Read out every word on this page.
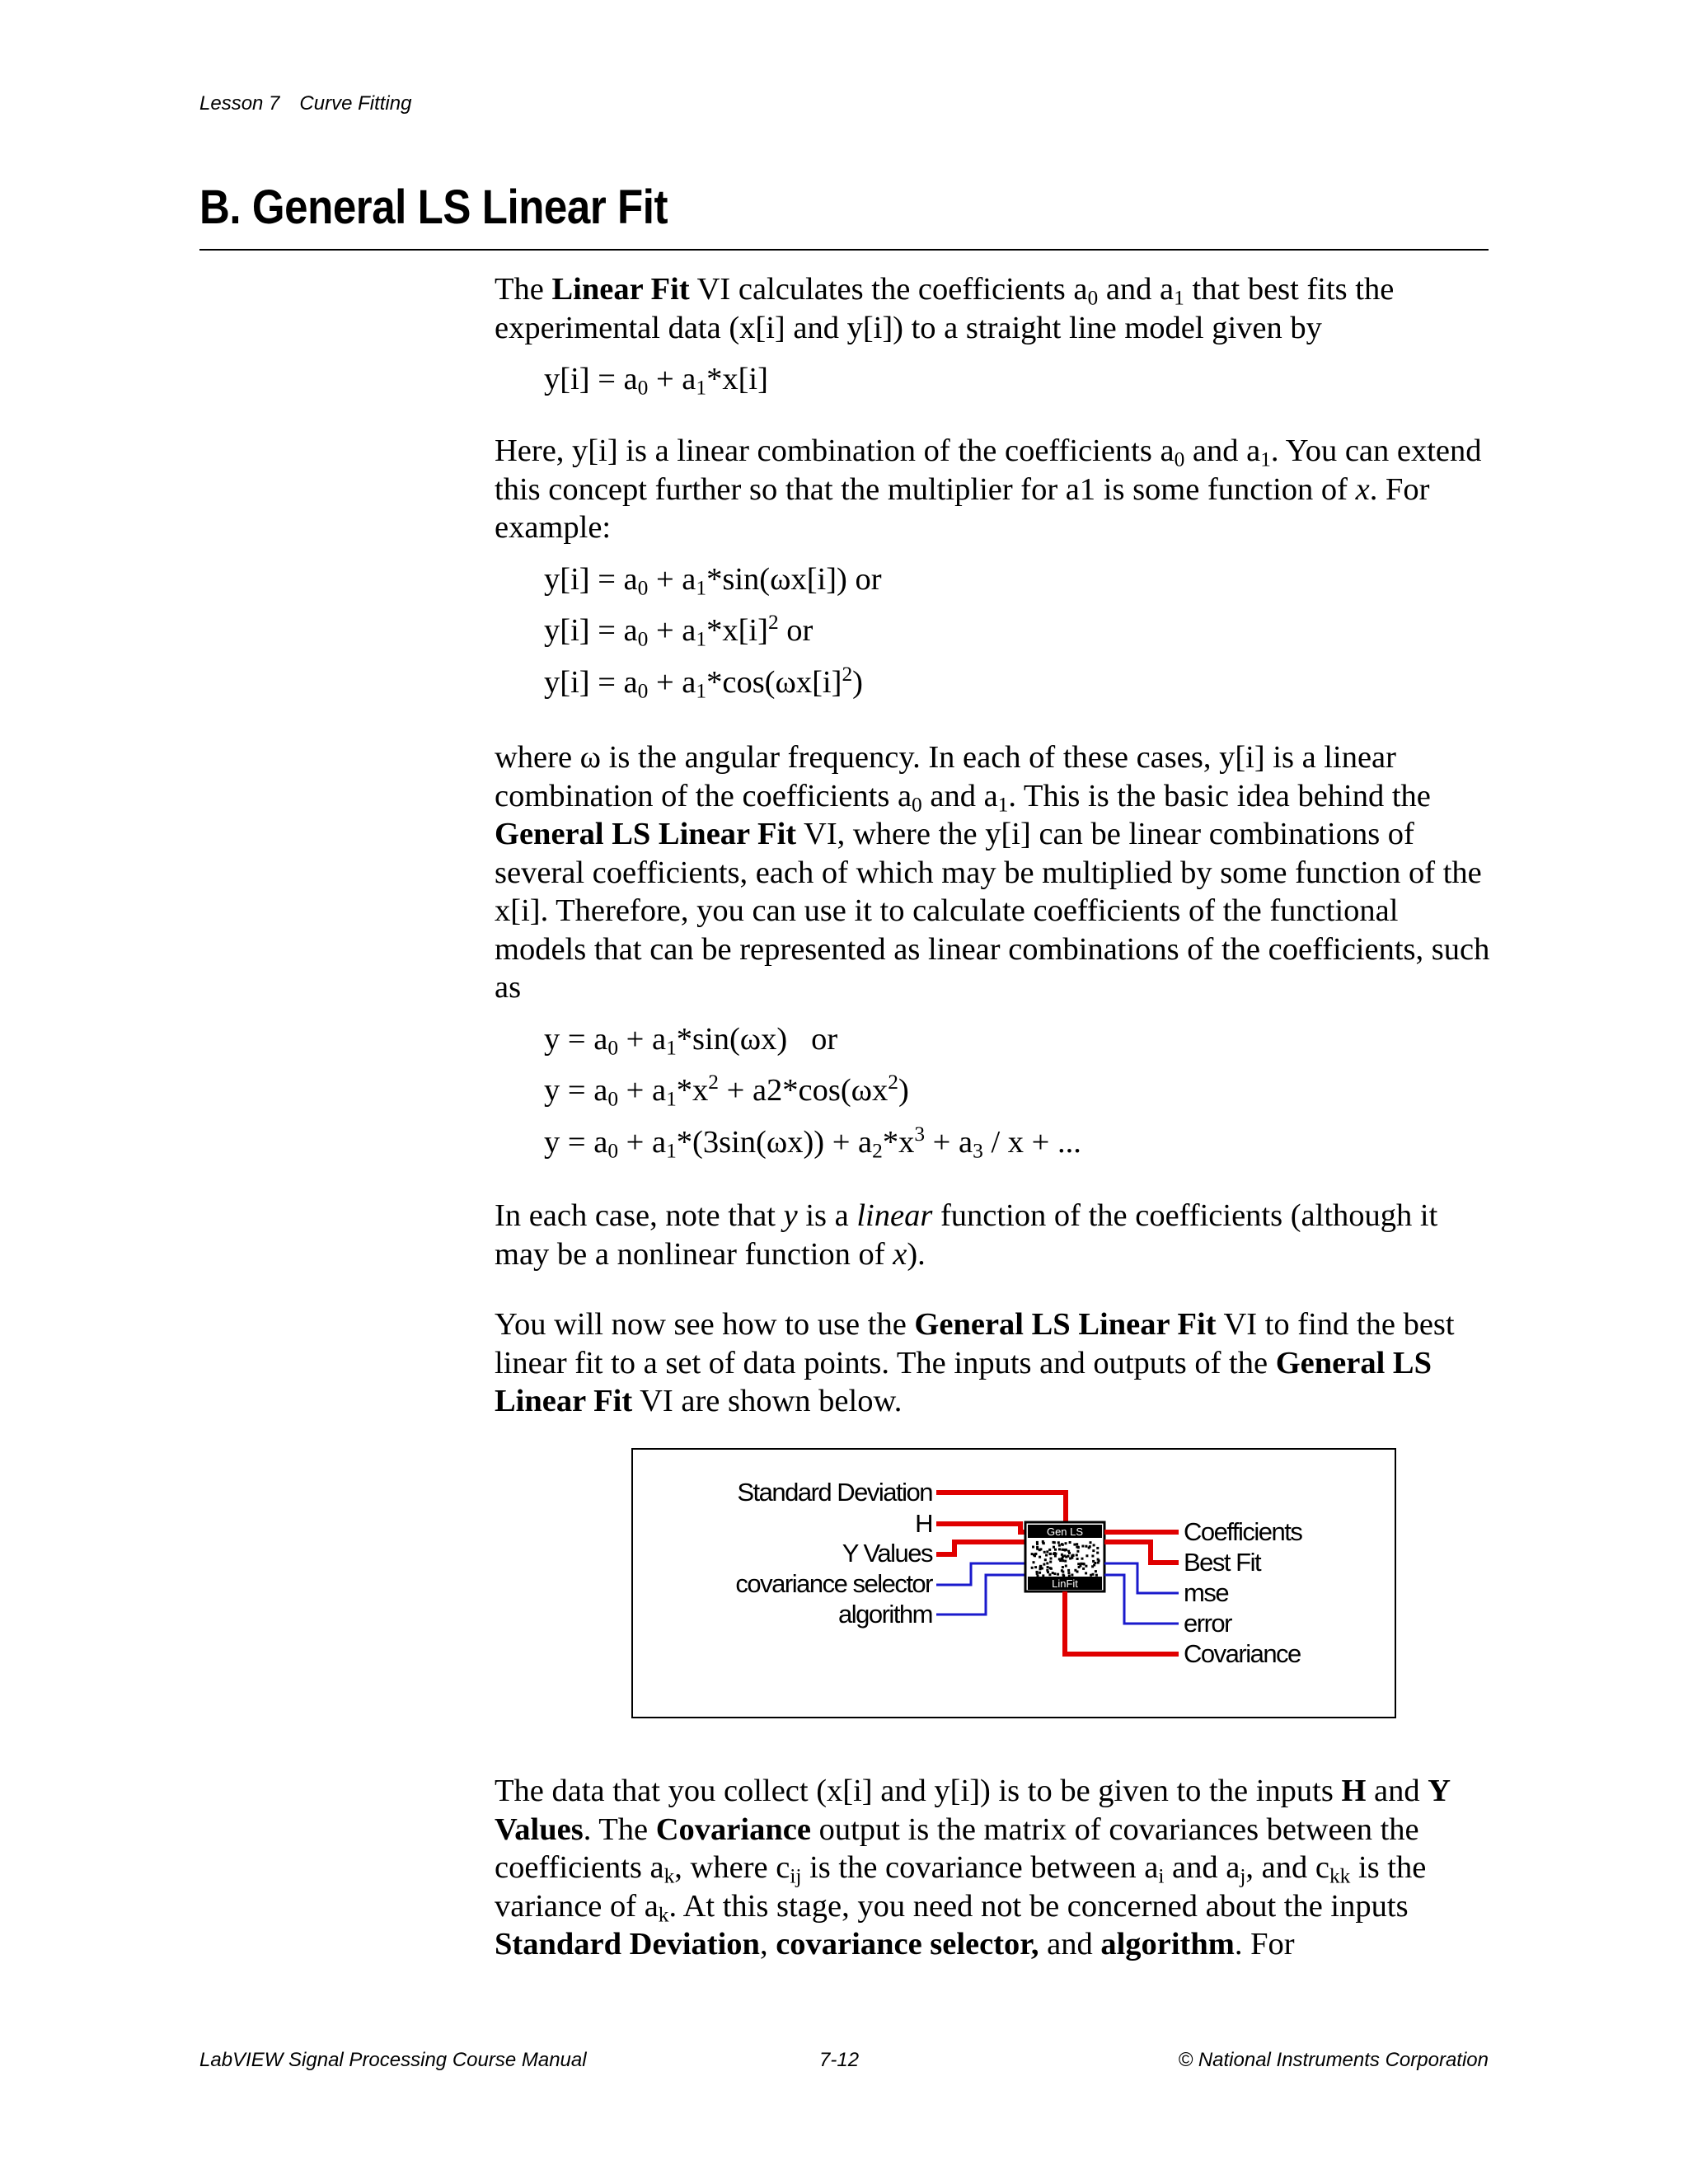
Lesson 7 Curve Fitting
B. General LS Linear Fit

The Linear Fit VI calculates the coefficients $a_0$ and $a_1$ that best fits the experimental data (x[i] and y[i]) to a straight line model given by

$y[i] = a_0 + a_1*x[i]$

Here, y[i] is a linear combination of the coefficients $a_0$ and $a_1$. You can extend this concept further so that the multiplier for a1 is some function of x. For example:

$y[i] = a_0 + a_1*\sin(\omega x[i])$ or

$y[i] = a_0 + a_1*x[i]^2$ or

$y[i] = a_0 + a_1*\cos(\omega x[i]^2)$

where ω is the angular frequency. In each of these cases, y[i] is a linear combination of the coefficients $a_0$ and $a_1$. This is the basic idea behind the General LS Linear Fit VI, where the y[i] can be linear combinations of several coefficients, each of which may be multiplied by some function of the x[i]. Therefore, you can use it to calculate coefficients of the functional models that can be represented as linear combinations of the coefficients, such as

$y = a_0 + a_1*\sin(\omega x)$   or

$y = a_0 + a_1*x^2 + a2*\cos(\omega x^2)$

$y = a_0 + a_1*(3\sin(\omega x)) + a_2*x^3 + a_3 / x$ + ...

In each case, note that y is a linear function of the coefficients (although it may be a nonlinear function of x).

You will now see how to use the General LS Linear Fit VI to find the best linear fit to a set of data points. The inputs and outputs of the General LS Linear Fit VI are shown below.

Standard Deviation
H
Y Values
covariance selector
algorithm
Gen LS
LinFit
Coefficients
Best Fit
mse
error
Covariance

The data that you collect (x[i] and y[i]) is to be given to the inputs H and Y Values. The Covariance output is the matrix of covariances between the coefficients $a_k$, where $c_{ij}$ is the covariance between $a_i$ and $a_j$, and $c_{kk}$ is the variance of $a_k$. At this stage, you need not be concerned about the inputs Standard Deviation, covariance selector, and algorithm. For

LabVIEW Signal Processing Course Manual	7-12	© National Instruments Corporation
